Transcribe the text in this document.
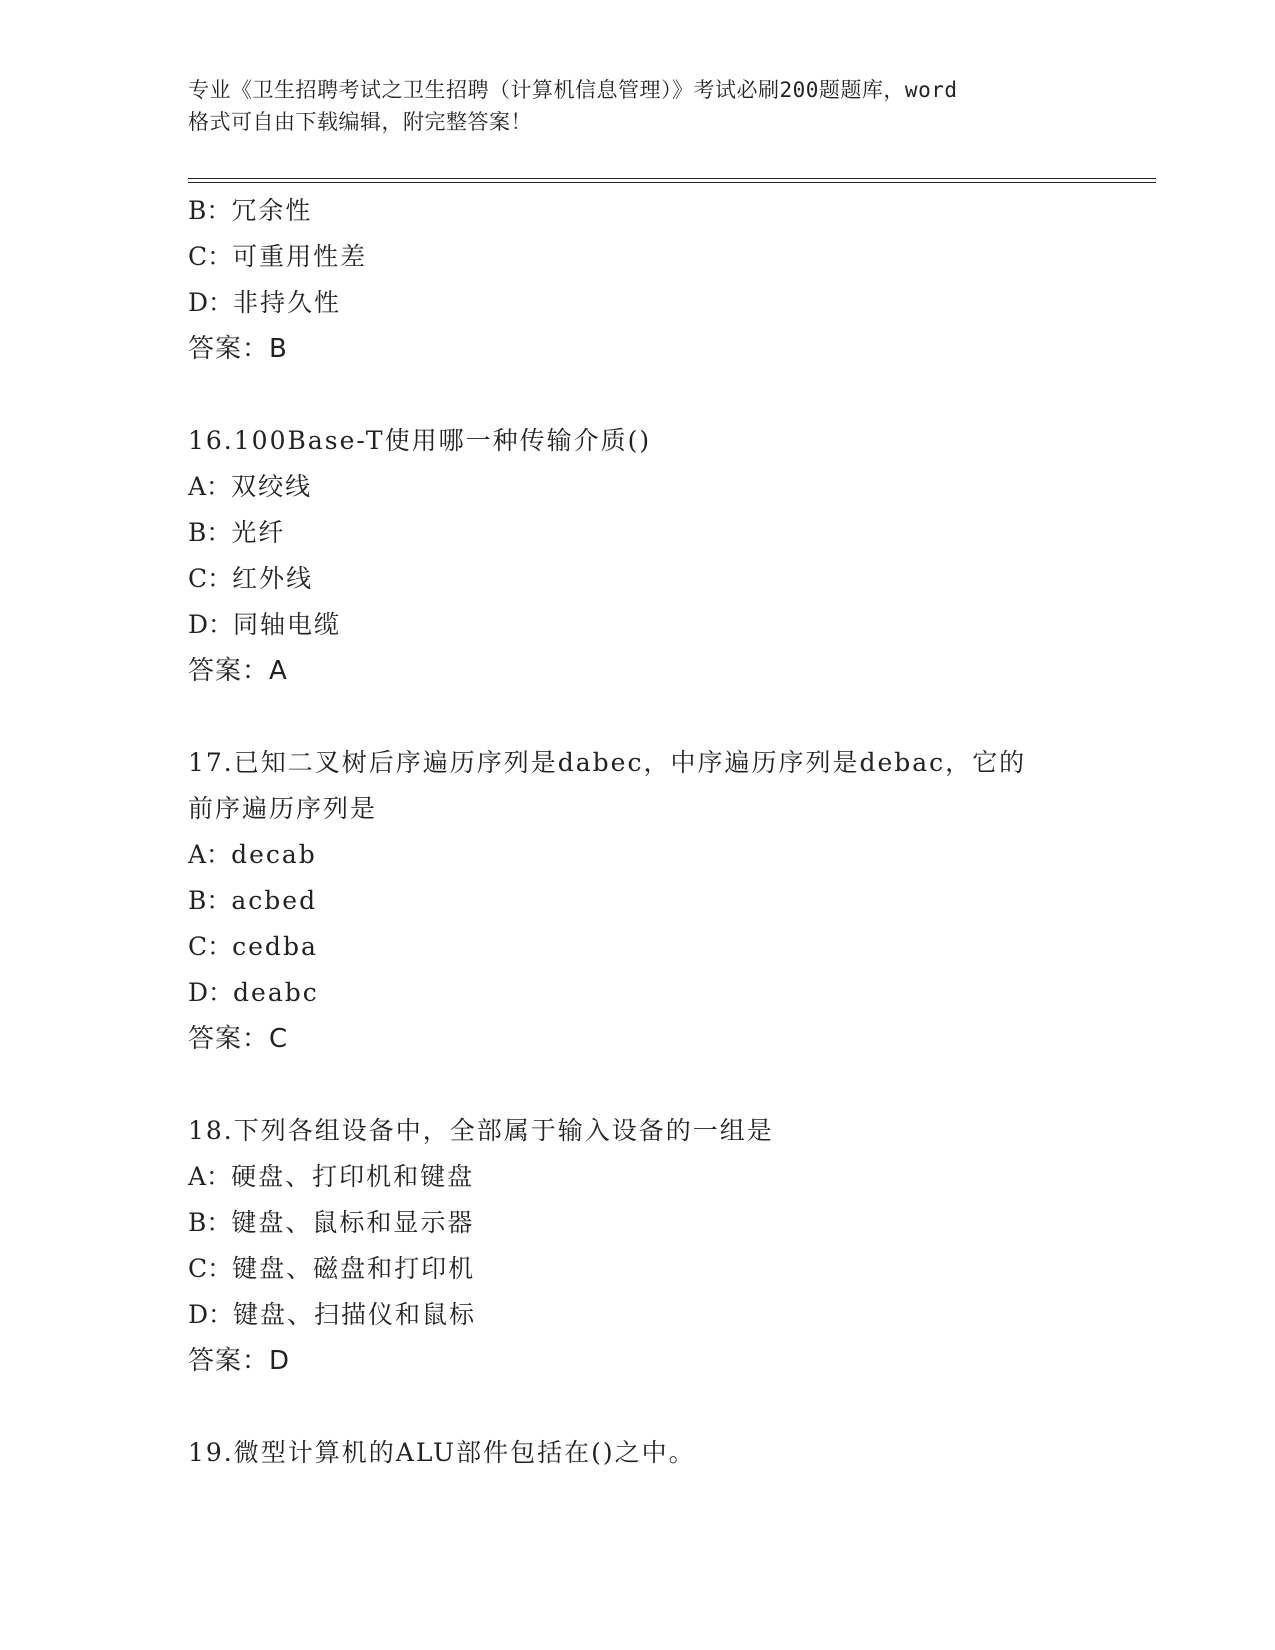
专业《卫生招聘考试之卫生招聘（计算机信息管理）》考试必刷200题题库，word
格式可自由下载编辑，附完整答案！
B：冗余性
C：可重用性差
D：非持久性
答案：B
16.100Base-T使用哪一种传输介质()
A：双绞线
B：光纤
C：红外线
D：同轴电缆
答案：A
17.已知二叉树后序遍历序列是dabec，中序遍历序列是debac，它的
前序遍历序列是
A：decab
B：acbed
C：cedba
D：deabc
答案：C
18.下列各组设备中，全部属于输入设备的一组是
A：硬盘、打印机和键盘
B：键盘、鼠标和显示器
C：键盘、磁盘和打印机
D：键盘、扫描仪和鼠标
答案：D
19.微型计算机的ALU部件包括在()之中。
